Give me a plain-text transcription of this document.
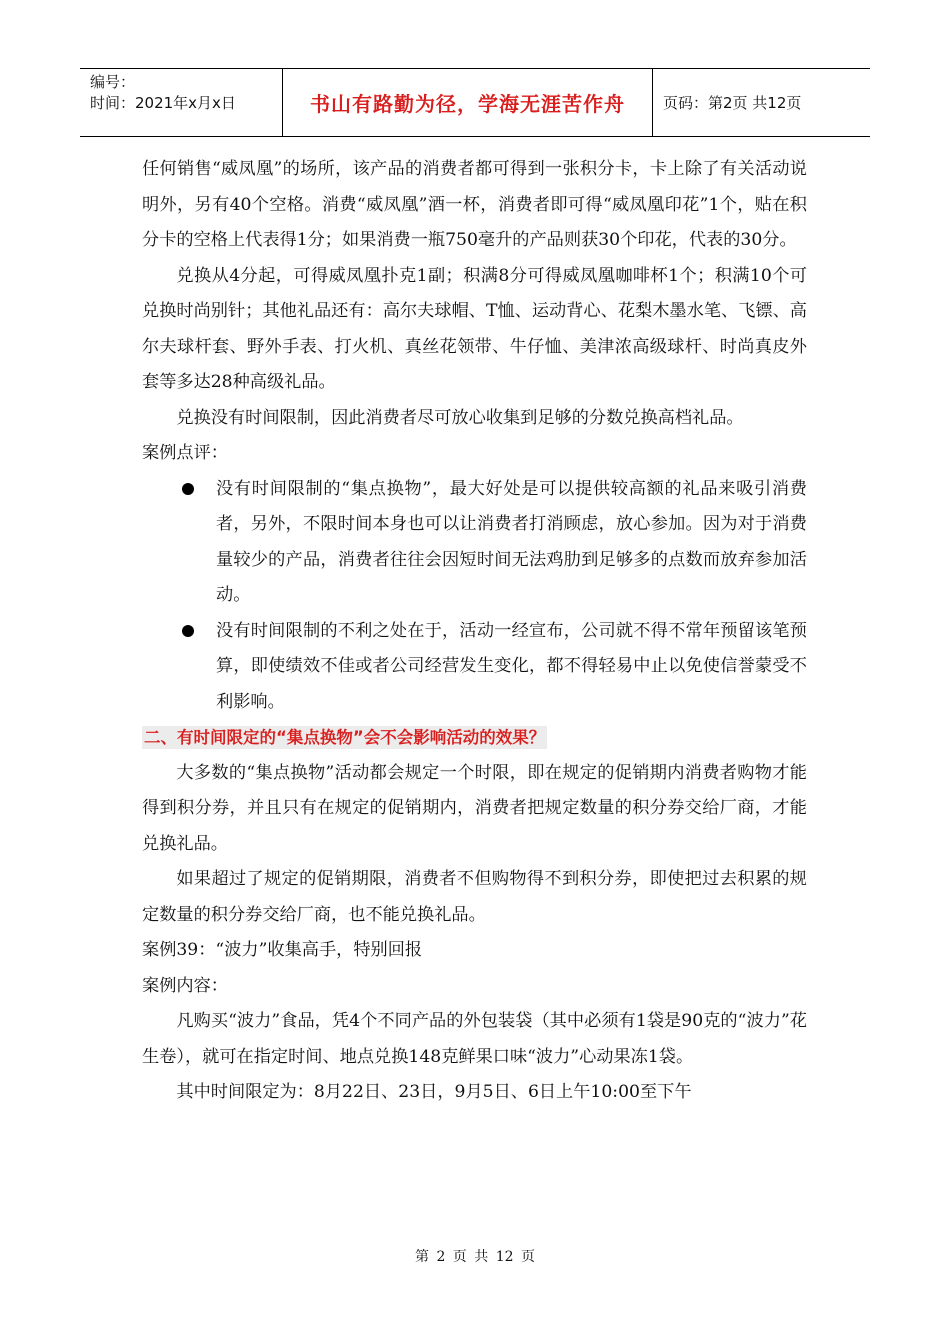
编号：
时间：2021年x月x日	书山有路勤为径，学海无涯苦作舟	页码：第2页 共12页

任何销售“威凤凰”的场所，该产品的消费者都可得到一张积分卡，卡上除了有关活动说明外，另有40个空格。消费“威凤凰”酒一杯，消费者即可得“威凤凰印花”1个，贴在积分卡的空格上代表得1分；如果消费一瓶750毫升的产品则获30个印花，代表的30分。

兑换从4分起，可得威凤凰扑克1副；积满8分可得威凤凰咖啡杯1个；积满10个可兑换时尚别针；其他礼品还有：高尔夫球帽、T恤、运动背心、花梨木墨水笔、飞镖、高尔夫球杆套、野外手表、打火机、真丝花领带、牛仔恤、美津浓高级球杆、时尚真皮外套等多达28种高级礼品。

兑换没有时间限制，因此消费者尽可放心收集到足够的分数兑换高档礼品。

案例点评：

没有时间限制的“集点换物”，最大好处是可以提供较高额的礼品来吸引消费者，另外，不限时间本身也可以让消费者打消顾虑，放心参加。因为对于消费量较少的产品，消费者往往会因短时间无法鸡肋到足够多的点数而放弃参加活动。

没有时间限制的不利之处在于，活动一经宣布，公司就不得不常年预留该笔预算，即使绩效不佳或者公司经营发生变化，都不得轻易中止以免使信誉蒙受不利影响。

二、有时间限定的“集点换物”会不会影响活动的效果？

大多数的“集点换物”活动都会规定一个时限，即在规定的促销期内消费者购物才能得到积分券，并且只有在规定的促销期内，消费者把规定数量的积分券交给厂商，才能兑换礼品。

如果超过了规定的促销期限，消费者不但购物得不到积分券，即使把过去积累的规定数量的积分券交给厂商，也不能兑换礼品。

案例39：“波力”收集高手，特别回报

案例内容：

凡购买“波力”食品，凭4个不同产品的外包装袋（其中必须有1袋是90克的“波力”花生卷），就可在指定时间、地点兑换148克鲜果口味“波力”心动果冻1袋。

其中时间限定为：8月22日、23日，9月5日、6日上午10:00至下午

第 2 页 共 12 页
